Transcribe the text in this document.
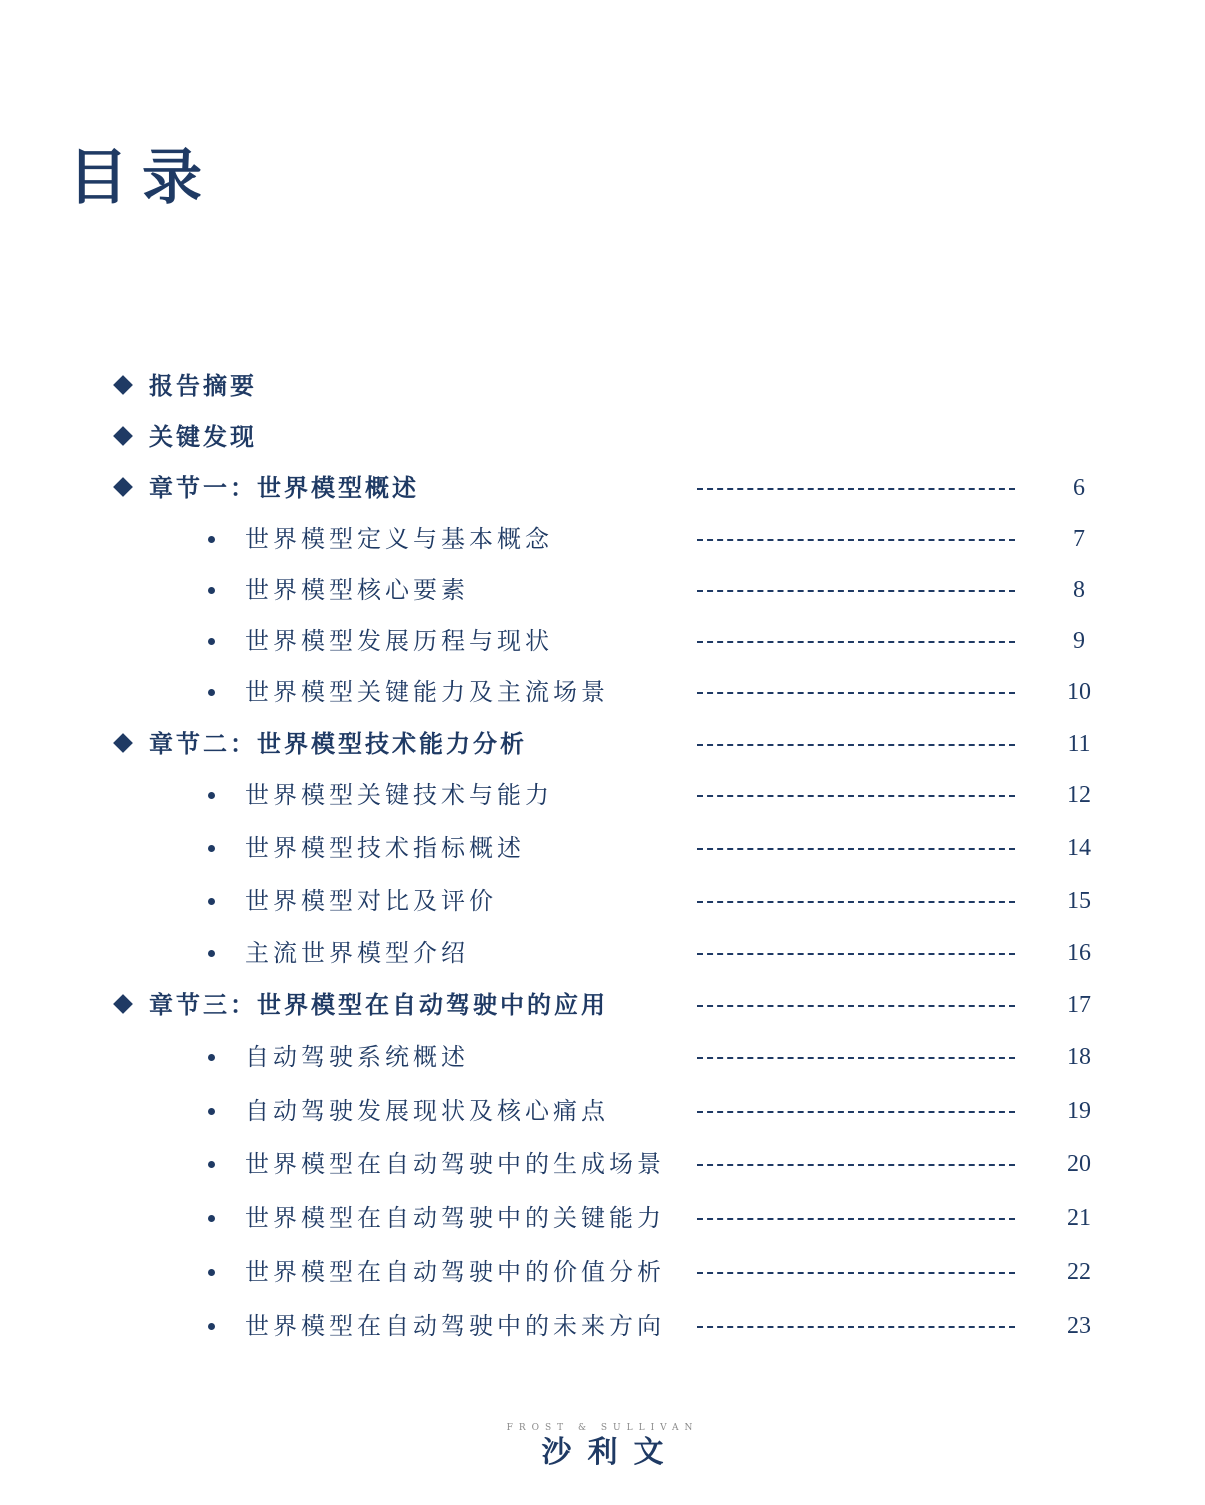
目录
报告摘要
关键发现
章节一：世界模型概述	6
世界模型定义与基本概念	7
世界模型核心要素	8
世界模型发展历程与现状	9
世界模型关键能力及主流场景	10
章节二：世界模型技术能力分析	11
世界模型关键技术与能力	12
世界模型技术指标概述	14
世界模型对比及评价	15
主流世界模型介绍	16
章节三：世界模型在自动驾驶中的应用	17
自动驾驶系统概述	18
自动驾驶发展现状及核心痛点	19
世界模型在自动驾驶中的生成场景	20
世界模型在自动驾驶中的关键能力	21
世界模型在自动驾驶中的价值分析	22
世界模型在自动驾驶中的未来方向	23
FROST & SULLIVAN
沙利文
